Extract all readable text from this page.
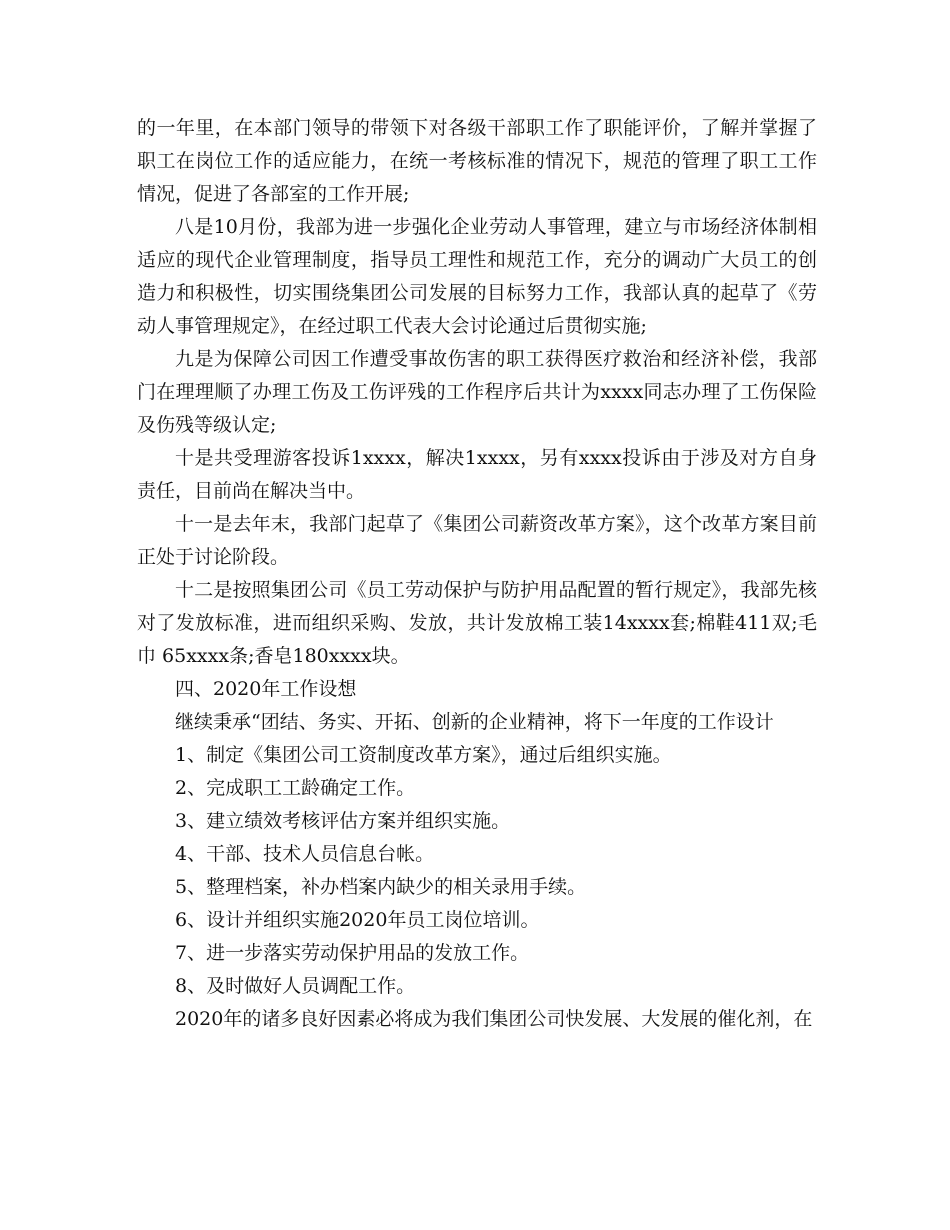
的一年里，在本部门领导的带领下对各级干部职工作了职能评价，了解并掌握了职工在岗位工作的适应能力，在统一考核标准的情况下，规范的管理了职工工作情况，促进了各部室的工作开展;

八是10月份，我部为进一步强化企业劳动人事管理，建立与市场经济体制相适应的现代企业管理制度，指导员工理性和规范工作，充分的调动广大员工的创造力和积极性，切实围绕集团公司发展的目标努力工作，我部认真的起草了《劳动人事管理规定》，在经过职工代表大会讨论通过后贯彻实施;

九是为保障公司因工作遭受事故伤害的职工获得医疗救治和经济补偿，我部门在理理顺了办理工伤及工伤评残的工作程序后共计为xxxx同志办理了工伤保险及伤残等级认定;

十是共受理游客投诉1xxxx，解决1xxxx，另有xxxx投诉由于涉及对方自身责任，目前尚在解决当中。

十一是去年末，我部门起草了《集团公司薪资改革方案》，这个改革方案目前正处于讨论阶段。

十二是按照集团公司《员工劳动保护与防护用品配置的暂行规定》，我部先核对了发放标准，进而组织采购、发放，共计发放棉工装14xxxx套;棉鞋411双;毛巾 65xxxx条;香皂180xxxx块。

四、2020年工作设想

继续秉承“团结、务实、开拓、创新的企业精神，将下一年度的工作设计

1、制定《集团公司工资制度改革方案》，通过后组织实施。

2、完成职工工龄确定工作。

3、建立绩效考核评估方案并组织实施。

4、干部、技术人员信息台帐。

5、整理档案，补办档案内缺少的相关录用手续。

6、设计并组织实施2020年员工岗位培训。

7、进一步落实劳动保护用品的发放工作。

8、及时做好人员调配工作。

2020年的诸多良好因素必将成为我们集团公司快发展、大发展的催化剂，在
